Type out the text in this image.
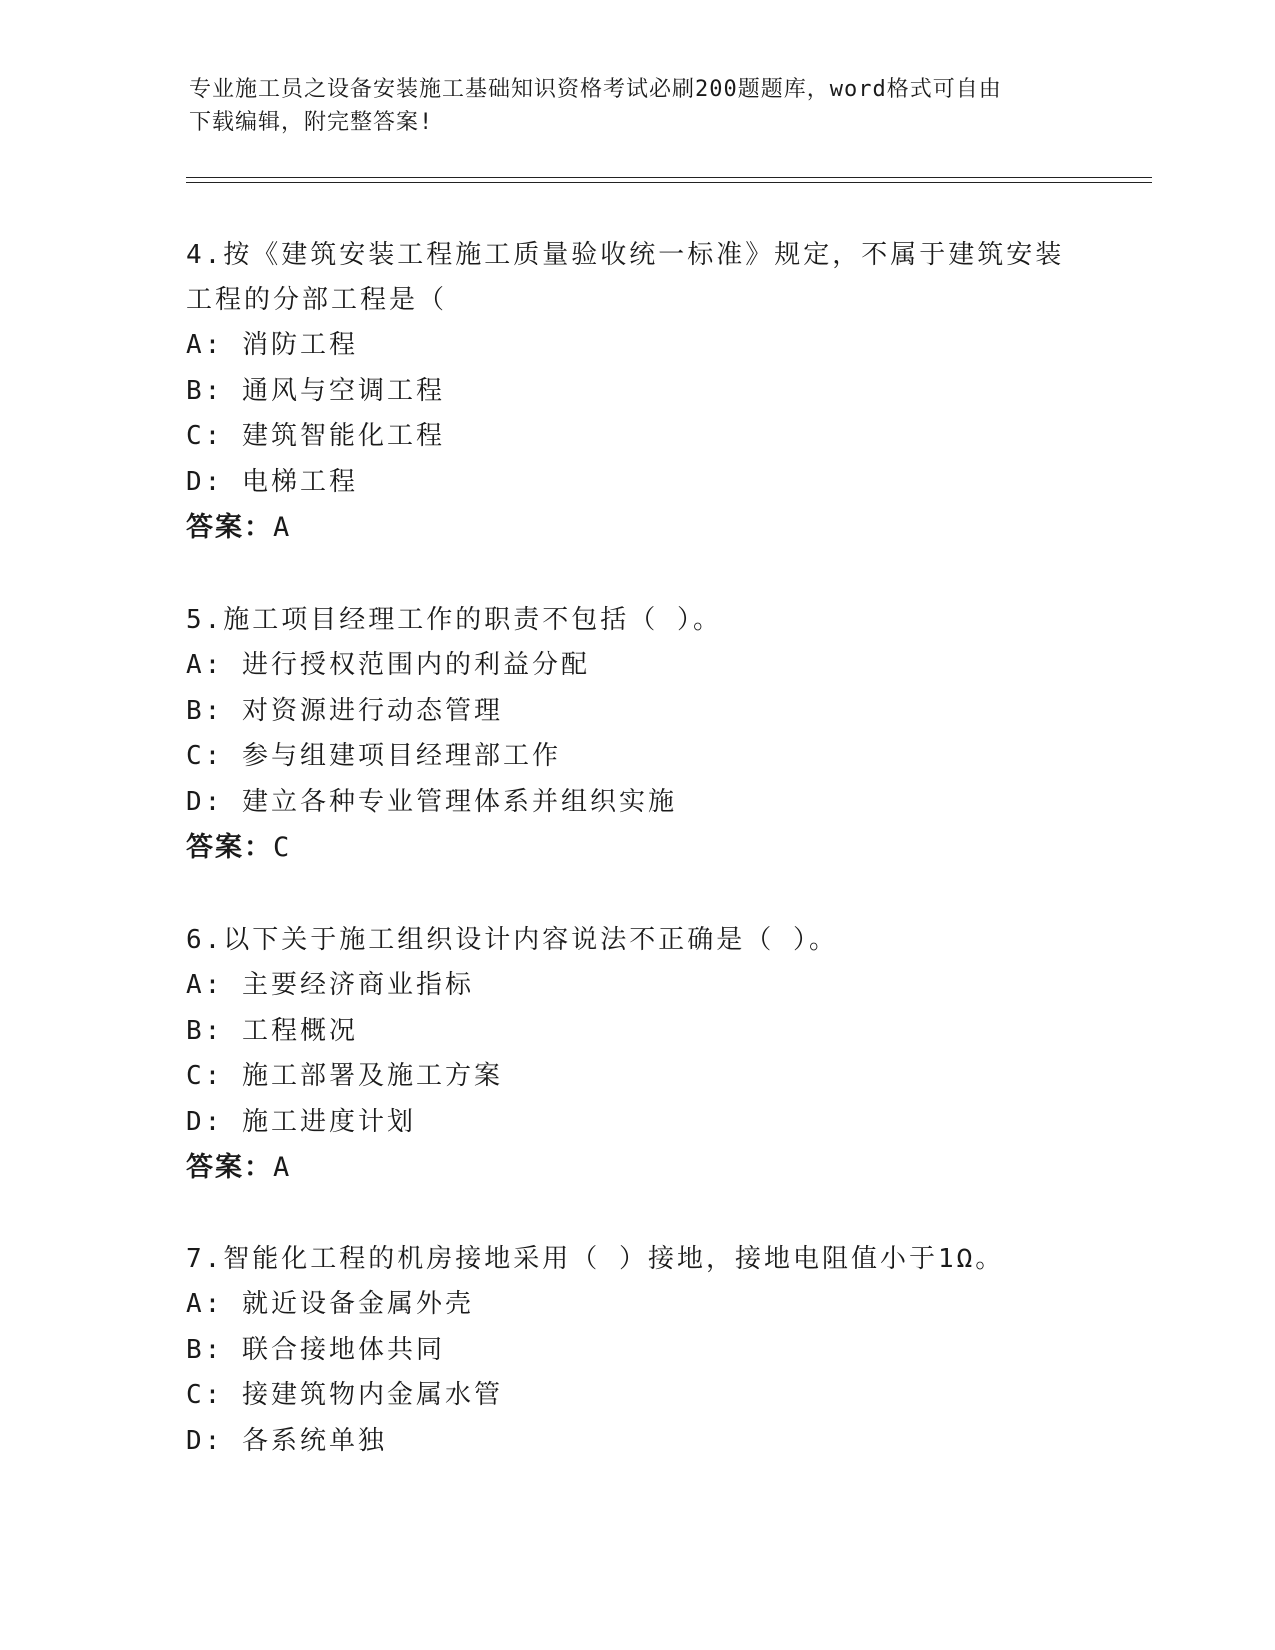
专业施工员之设备安装施工基础知识资格考试必刷200题题库，word格式可自由
下载编辑，附完整答案!

4.按《建筑安装工程施工质量验收统一标准》规定，不属于建筑安装

工程的分部工程是（

A: 消防工程

B: 通风与空调工程

C: 建筑智能化工程

D: 电梯工程

答案：A

5.施工项目经理工作的职责不包括（ ）。

A: 进行授权范围内的利益分配

B: 对资源进行动态管理

C: 参与组建项目经理部工作

D: 建立各种专业管理体系并组织实施

答案：C

6.以下关于施工组织设计内容说法不正确是（ ）。

A: 主要经济商业指标

B: 工程概况

C: 施工部署及施工方案

D: 施工进度计划

答案：A

7.智能化工程的机房接地采用（ ）接地，接地电阻值小于1Ω。

A: 就近设备金属外壳

B: 联合接地体共同

C: 接建筑物内金属水管

D: 各系统单独
